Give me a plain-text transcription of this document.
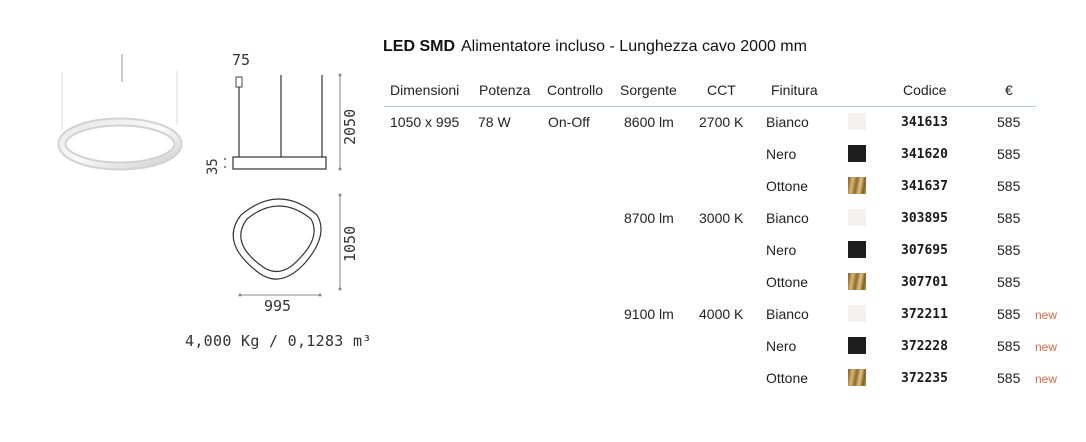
75
2050
35
1050
995
4,000 Kg / 0,1283 m³
LED SMD Alimentatore incluso - Lunghezza cavo 2000 mm
Dimensioni Potenza Controllo Sorgente CCT	Finitura	Codice	€
1050 x 995 78 W	On-Off 8600 lm 2700 K Bianco	341613	585
Nero	341620	585
Ottone	341637	585
8700 lm 3000 K Bianco	303895	585
Nero	307695	585
Ottone	307701	585
9100 lm 4000 K Bianco	372211	585 new
Nero	372228	585 new
Ottone	372235	585 new
